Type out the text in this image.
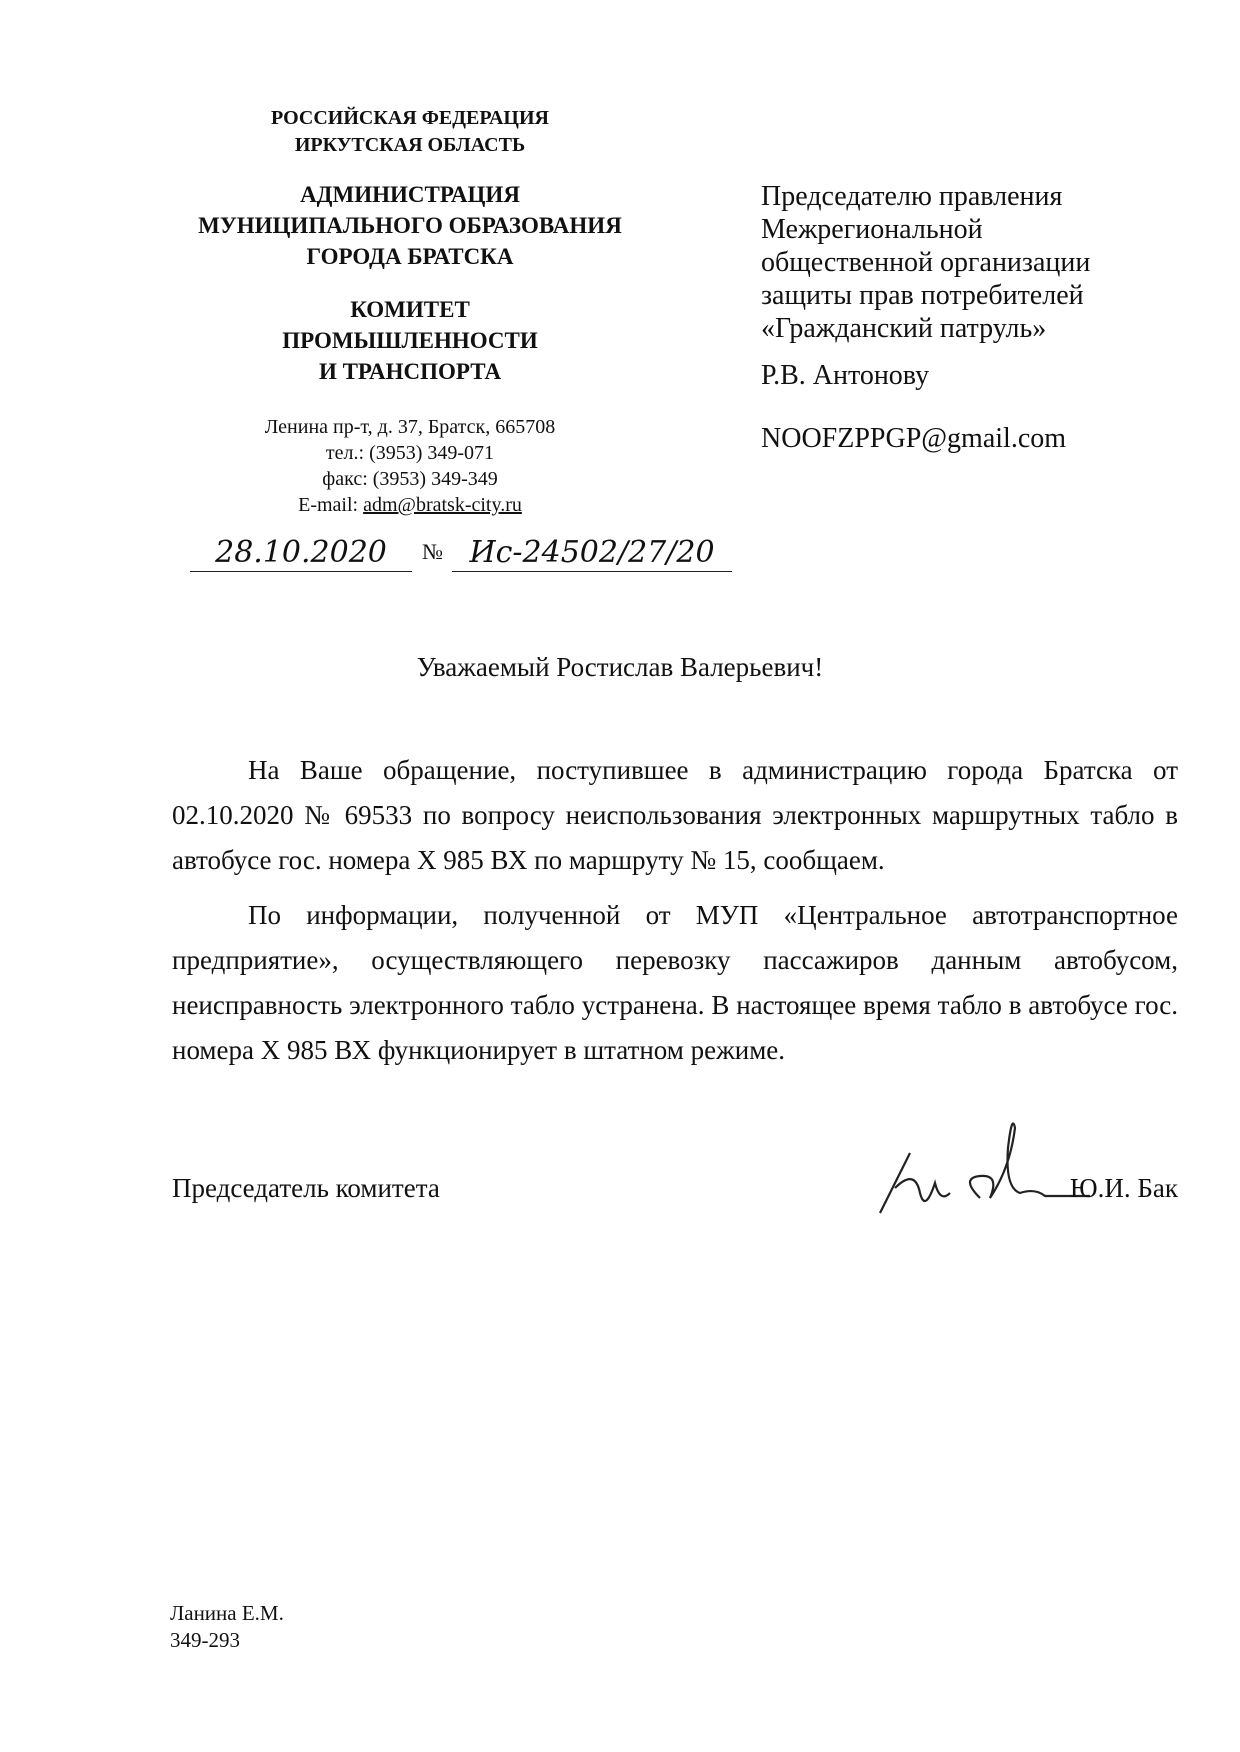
РОССИЙСКАЯ ФЕДЕРАЦИЯ
ИРКУТСКАЯ ОБЛАСТЬ
АДМИНИСТРАЦИЯ
МУНИЦИПАЛЬНОГО ОБРАЗОВАНИЯ
ГОРОДА БРАТСКА
КОМИТЕТ
ПРОМЫШЛЕННОСТИ
И ТРАНСПОРТА
Ленина пр-т, д. 37, Братск, 665708
тел.: (3953) 349-071
факс: (3953) 349-349
E-mail: adm@bratsk-city.ru
Председателю правления
Межрегиональной
общественной организации
защиты прав потребителей
«Гражданский патруль»
Р.В. Антонову
NOOFZPPGP@gmail.com
28.10.2020	№ Ис-24502/27/20
Уважаемый Ростислав Валерьевич!

На Ваше обращение, поступившее в администрацию города Братска от 02.10.2020 № 69533 по вопросу неиспользования электронных маршрутных табло в автобусе гос. номера Х 985 ВХ по маршруту № 15, сообщаем.

По информации, полученной от МУП «Центральное автотранспортное предприятие», осуществляющего перевозку пассажиров данным автобусом, неисправность электронного табло устранена. В настоящее время табло в автобусе гос. номера Х 985 ВХ функционирует в штатном режиме.

Председатель комитета	Ю.И. Бак
Ланина Е.М.
349-293
